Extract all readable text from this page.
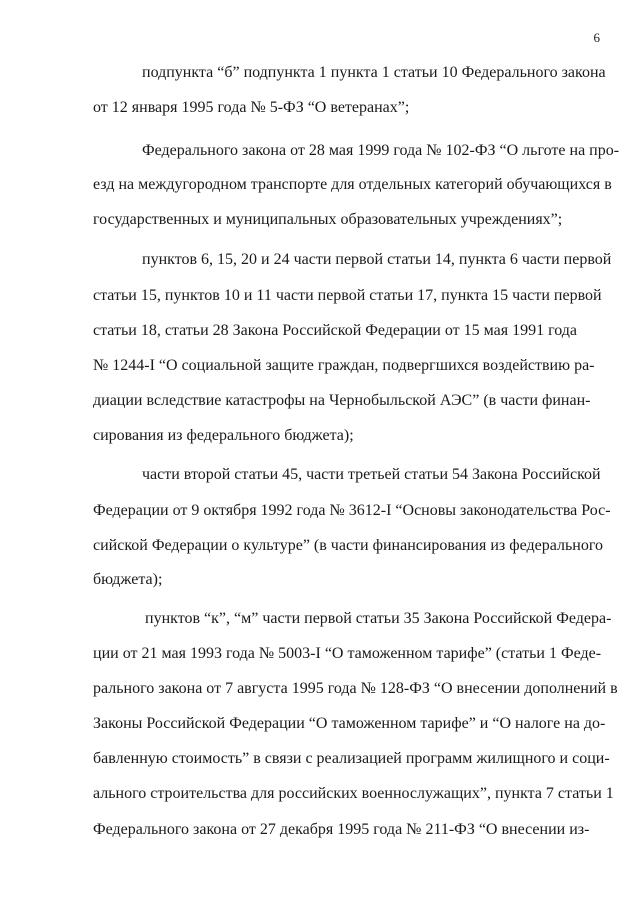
6
подпункта “б” подпункта 1 пункта 1 статьи 10 Федерального закона
от 12 января 1995 года № 5-ФЗ “О ветеранах”;
Федерального закона от 28 мая 1999 года № 102-ФЗ “О льготе на про-
езд на междугородном транспорте для отдельных категорий обучающихся в
государственных и муниципальных образовательных учреждениях”;
пунктов 6, 15, 20 и 24 части первой статьи 14, пункта 6 части первой
статьи 15, пунктов 10 и 11 части первой статьи 17, пункта 15 части первой
статьи 18, статьи 28 Закона Российской Федерации от 15 мая 1991 года
№ 1244-I “О социальной защите граждан, подвергшихся воздействию ра-
диации вследствие катастрофы на Чернобыльской АЭС” (в части финан-
сирования из федерального бюджета);
части второй статьи 45, части третьей статьи 54 Закона Российской
Федерации от 9 октября 1992 года № 3612-I “Основы законодательства Рос-
сийской Федерации о культуре” (в части финансирования из федерального
бюджета);
пунктов “к”, “м” части первой статьи 35 Закона Российской Федера-
ции от 21 мая 1993 года № 5003-I “О таможенном тарифе” (статьи 1 Феде-
рального закона от 7 августа 1995 года № 128-ФЗ “О внесении дополнений в
Законы Российской Федерации “О таможенном тарифе” и “О налоге на до-
бавленную стоимость” в связи с реализацией программ жилищного и соци-
ального строительства для российских военнослужащих”, пункта 7 статьи 1
Федерального закона от 27 декабря 1995 года № 211-ФЗ “О внесении из-
